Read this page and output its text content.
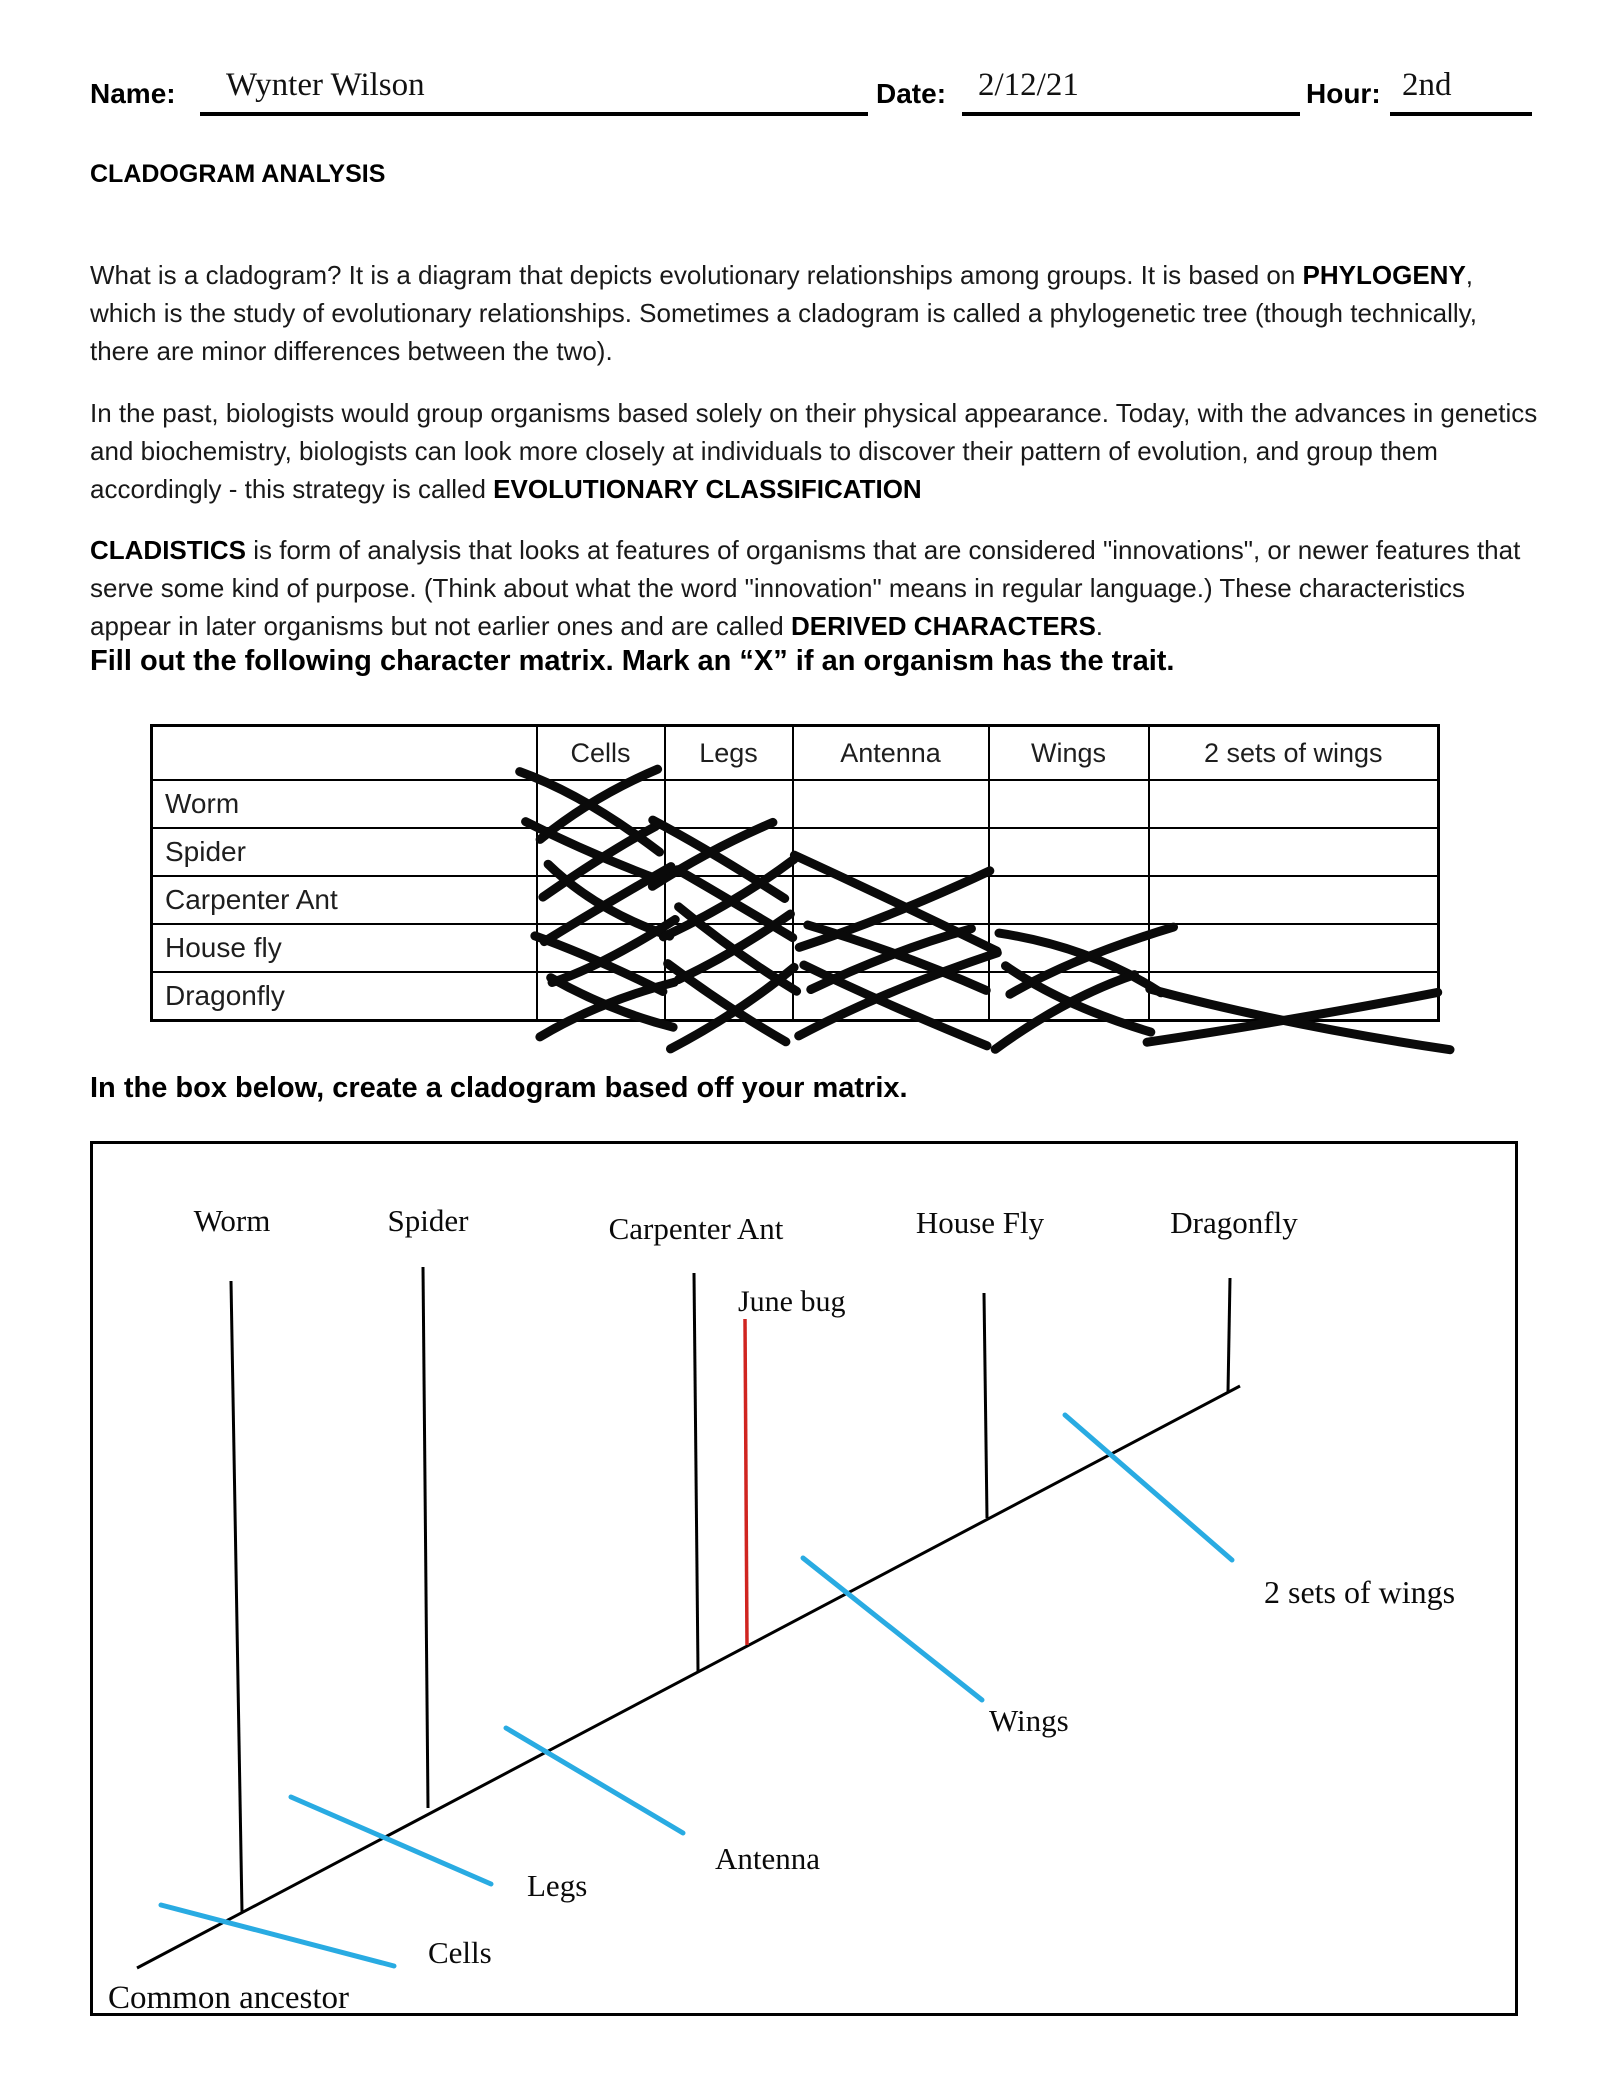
Name: Wynter Wilson	Date: 2/12/21	Hour: 2nd
CLADOGRAM ANALYSIS

What is a cladogram? It is a diagram that depicts evolutionary relationships among groups. It is based on PHYLOGENY, which is the study of evolutionary relationships. Sometimes a cladogram is called a phylogenetic tree (though technically, there are minor differences between the two).

In the past, biologists would group organisms based solely on their physical appearance. Today, with the advances in genetics and biochemistry, biologists can look more closely at individuals to discover their pattern of evolution, and group them accordingly - this strategy is called EVOLUTIONARY CLASSIFICATION

CLADISTICS is form of analysis that looks at features of organisms that are considered "innovations", or newer features that serve some kind of purpose. (Think about what the word "innovation" means in regular language.) These characteristics appear in later organisms but not earlier ones and are called DERIVED CHARACTERS.

Fill out the following character matrix. Mark an “X” if an organism has the trait.
	Cells	Legs	Antenna	Wings	2 sets of wings
Worm					
Spider					
Carpenter Ant					
House fly					
Dragonfly					
In the box below, create a cladogram based off your matrix.
Worm	Spider	Carpenter Ant	House Fly	Dragonfly
June bug
Cells
Legs
Antenna
Wings
2 sets of wings
Common ancestor
